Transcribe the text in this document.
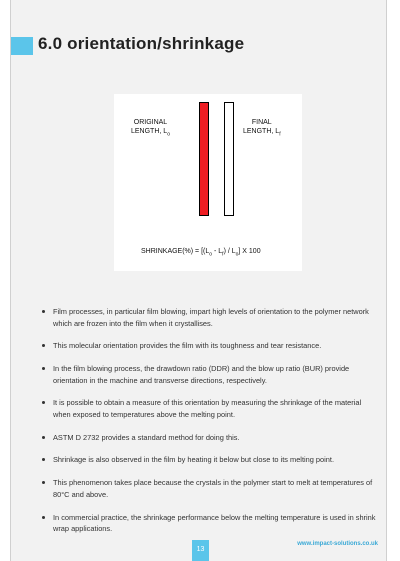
6.0 orientation/shrinkage
ORIGINAL
LENGTH, $L_o$
FINAL
LENGTH, $L_f$
SHRINKAGE(%) = $[(L_o - L_f) / L_o]$ X 100
Film processes, in particular film blowing, impart high levels of orientation to the polymer network which are frozen into the film when it crystallises.
This molecular orientation provides the film with its toughness and tear resistance.
In the film blowing process, the drawdown ratio (DDR) and the blow up ratio (BUR) provide orientation in the machine and transverse directions, respectively.
It is possible to obtain a measure of this orientation by measuring the shrinkage of the material when exposed to temperatures above the melting point.
ASTM D 2732 provides a standard method for doing this.
Shrinkage is also observed in the film by heating it below but close to its melting point.
This phenomenon takes place because the crystals in the polymer start to melt at temperatures of 80°C and above.
In commercial practice, the shrinkage performance below the melting temperature is used in shrink wrap applications.
13
www.impact-solutions.co.uk
